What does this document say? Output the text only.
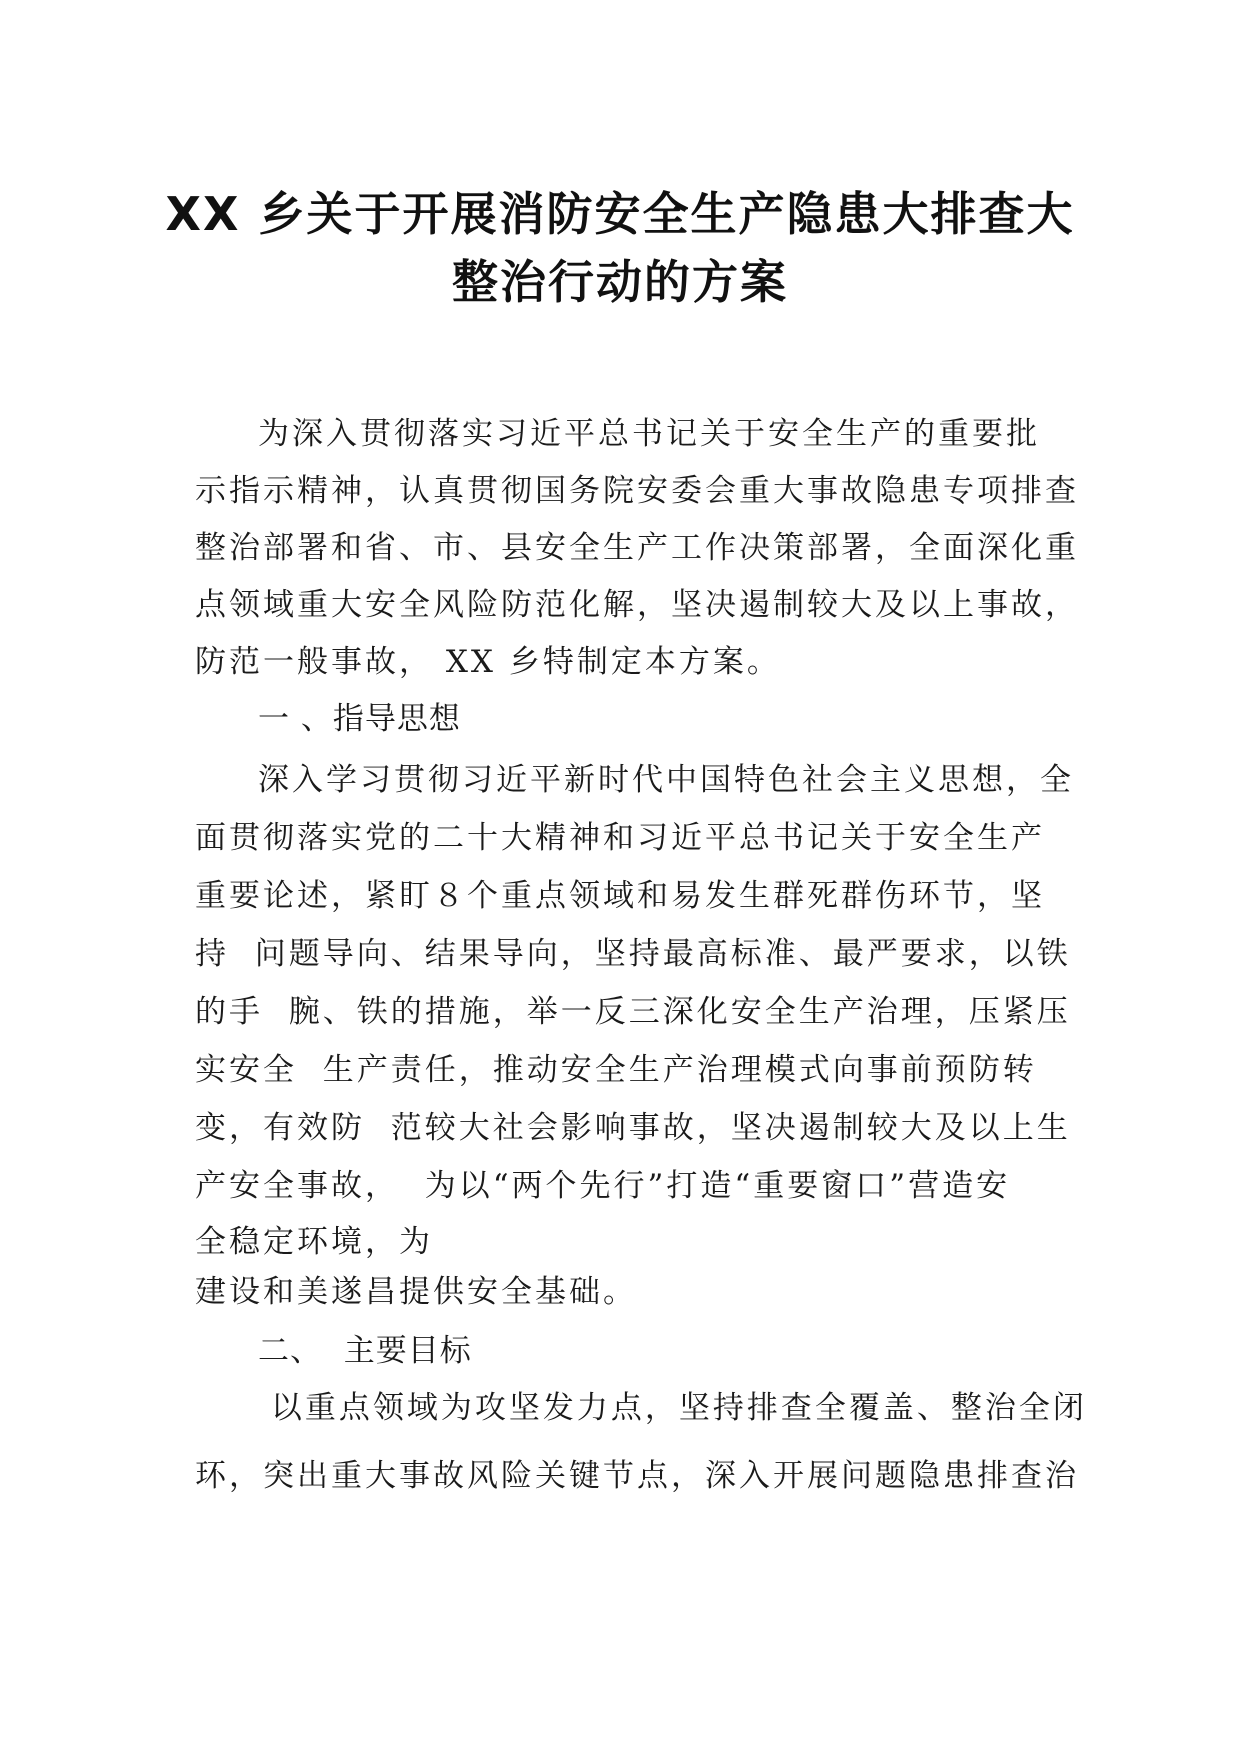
XX 乡关于开展消防安全生产隐患大排查大
整治行动的方案
为深入贯彻落实习近平总书记关于安全生产的重要批
示指示精神，认真贯彻国务院安委会重大事故隐患专项排查
整治部署和省、市、县安全生产工作决策部署，全面深化重
点领域重大安全风险防范化解，坚决遏制较大及以上事故，
防范一般事故， XX 乡特制定本方案。
一 、指导思想
深入学习贯彻习近平新时代中国特色社会主义思想，全
面贯彻落实党的二十大精神和习近平总书记关于安全生产
重要论述，紧盯８个重点领域和易发生群死群伤环节，坚
持  问题导向、结果导向，坚持最高标准、最严要求，以铁
的手  腕、铁的措施，举一反三深化安全生产治理，压紧压
实安全  生产责任，推动安全生产治理模式向事前预防转
变，有效防  范较大社会影响事故，坚决遏制较大及以上生
产安全事故，  为以“两个先行”打造“重要窗口”营造安
全稳定环境，为
建设和美遂昌提供安全基础。
二、  主要目标
以重点领域为攻坚发力点，坚持排查全覆盖、整治全闭
环，突出重大事故风险关键节点，深入开展问题隐患排查治
